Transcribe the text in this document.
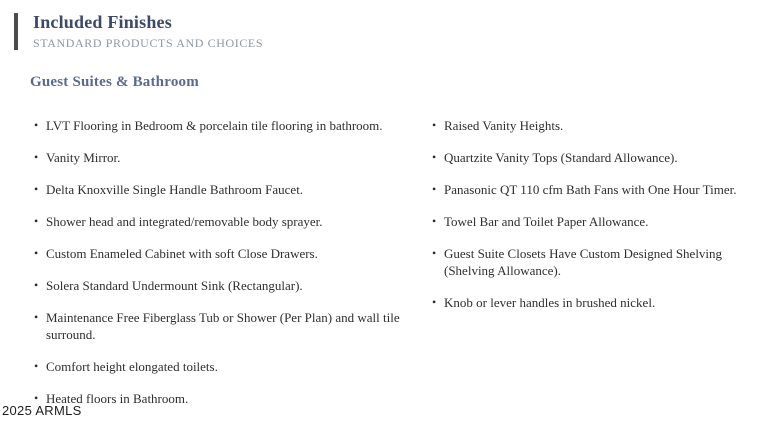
Included Finishes
STANDARD PRODUCTS AND CHOICES
Guest Suites & Bathroom
• LVT Flooring in Bedroom & porcelain tile flooring in bathroom.
• Vanity Mirror.
• Delta Knoxville Single Handle Bathroom Faucet.
• Shower head and integrated/removable body sprayer.
• Custom Enameled Cabinet with soft Close Drawers.
• Solera Standard Undermount Sink (Rectangular).
• Maintenance Free Fiberglass Tub or Shower (Per Plan) and wall tile surround.
• Comfort height elongated toilets.
• Heated floors in Bathroom.
• Raised Vanity Heights.
• Quartzite Vanity Tops (Standard Allowance).
• Panasonic QT 110 cfm Bath Fans with One Hour Timer.
• Towel Bar and Toilet Paper Allowance.
• Guest Suite Closets Have Custom Designed Shelving (Shelving Allowance).
• Knob or lever handles in brushed nickel.
2025 ARMLS
